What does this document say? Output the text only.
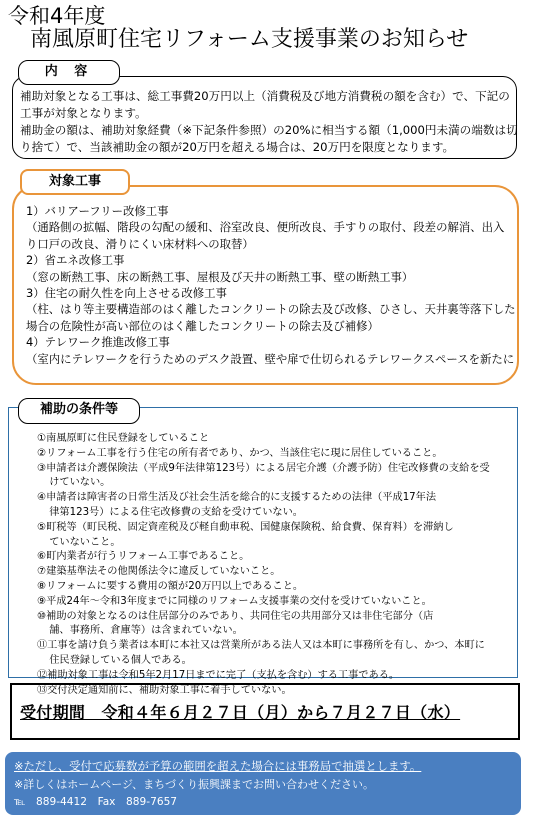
令和4年度
南風原町住宅リフォーム支援事業のお知らせ
補助対象となる工事は、総工事費20万円以上（消費税及び地方消費税の額を含む）で、下記の
工事が対象となります。
補助金の額は、補助対象経費（※下記条件参照）の20%に相当する額（1,000円未満の端数は切
り捨て）で、当該補助金の額が20万円を超える場合は、20万円を限度となります。
内 容
1）バリアーフリー改修工事
（通路側の拡幅、階段の勾配の緩和、浴室改良、便所改良、手すりの取付、段差の解消、出入
り口戸の改良、滑りにくい床材料への取替）
2）省エネ改修工事
（窓の断熱工事、床の断熱工事、屋根及び天井の断熱工事、壁の断熱工事）
3）住宅の耐久性を向上させる改修工事
（柱、はり等主要構造部のはく離したコンクリートの除去及び改修、ひさし、天井裏等落下した
場合の危険性が高い部位のはく離したコンクリートの除去及び補修）
4）テレワーク推進改修工事
（室内にテレワークを行うためのデスク設置、壁や扉で仕切られるテレワークスペースを新たに
対象工事
①南風原町に住民登録をしていること
②リフォーム工事を行う住宅の所有者であり、かつ、当該住宅に現に居住していること。
③申請者は介護保険法（平成9年法律第123号）による居宅介護（介護予防）住宅改修費の支給を受
けていない。
④申請者は障害者の日常生活及び社会生活を総合的に支援するための法律（平成17年法
律第123号）による住宅改修費の支給を受けていない。
⑤町税等（町民税、固定資産税及び軽自動車税、国健康保険税、給食費、保育料）を滞納し
ていないこと。
⑥町内業者が行うリフォーム工事であること。
⑦建築基準法その他関係法令に違反していないこと。
⑧リフォームに要する費用の額が20万円以上であること。
⑨平成24年～令和3年度までに同様のリフォーム支援事業の交付を受けていないこと。
⑩補助の対象となるのは住居部分のみであり、共同住宅の共用部分又は非住宅部分（店
舗、事務所、倉庫等）は含まれていない。
⑪工事を請け負う業者は本町に本社又は営業所がある法人又は本町に事務所を有し、かつ、本町に
住民登録している個人である。
⑫補助対象工事は令和5年2月17日までに完了（支払を含む）する工事である。
⑬交付決定通知前に、補助対象工事に着手していない。
補助の条件等
受付期間　令和４年６月２７日（月）から７月２７日（水）
※ただし、受付で応募数が予算の範囲を超えた場合には事務局で抽選とします。
※詳しくはホームページ、まちづくり振興課までお問い合わせください。
℡　889-4412　Fax　889-7657
